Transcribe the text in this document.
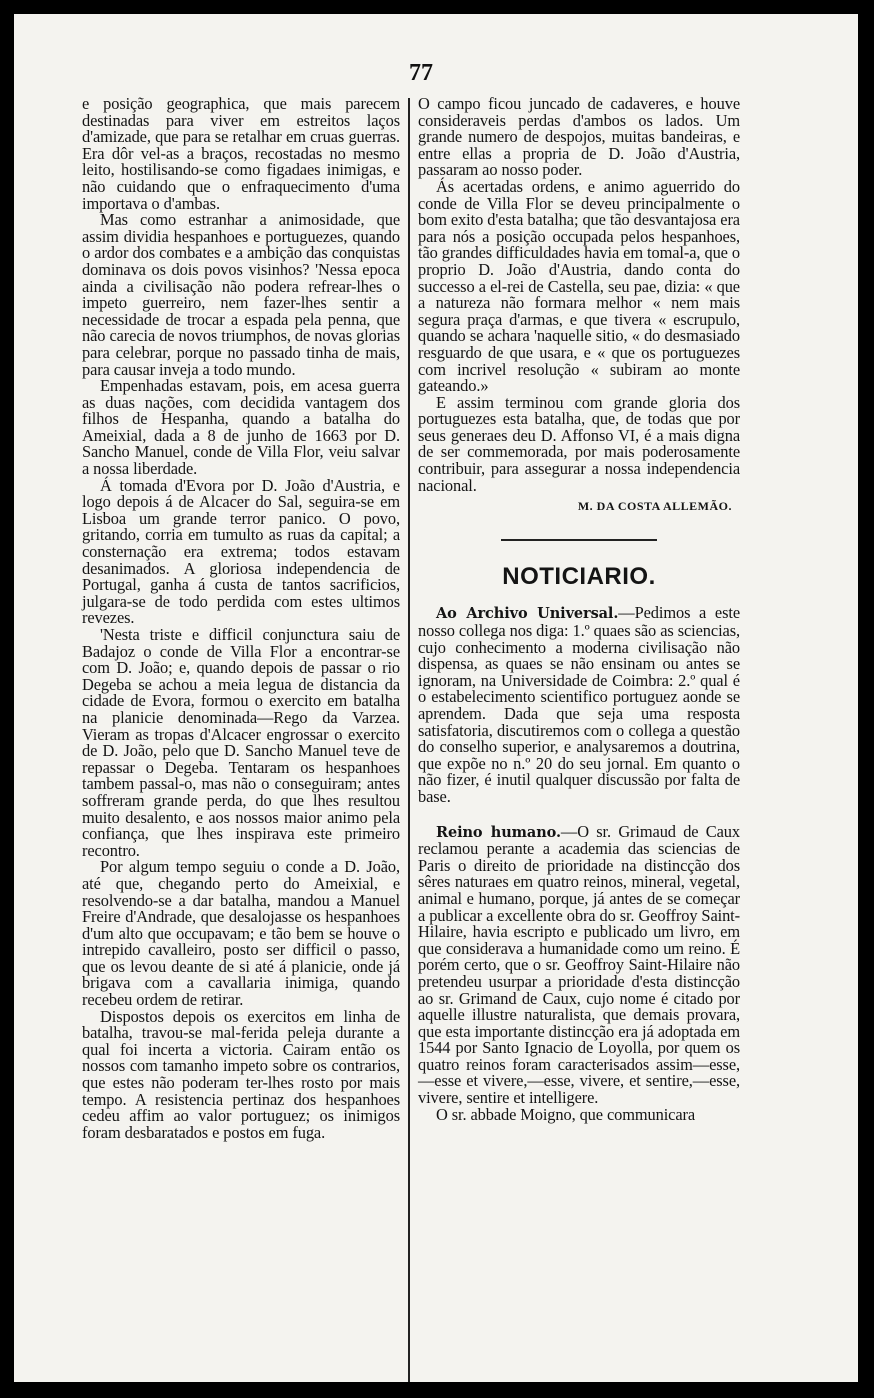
77

e posição geographica, que mais parecem destinadas para viver em estreitos laços d'amizade, que para se retalhar em cruas guerras. Era dôr vel-as a braços, recostadas no mesmo leito, hostilisando-se como figadaes inimigas, e não cuidando que o enfraquecimento d'uma importava o d'ambas.

Mas como estranhar a animosidade, que assim dividia hespanhoes e portuguezes, quando o ardor dos combates e a ambição das conquistas dominava os dois povos visinhos? 'Nessa epoca ainda a civilisação não podera refrear-lhes o impeto guerreiro, nem fazer-lhes sentir a necessidade de trocar a espada pela penna, que não carecia de novos triumphos, de novas glorias para celebrar, porque no passado tinha de mais, para causar inveja a todo mundo.

Empenhadas estavam, pois, em acesa guerra as duas nações, com decidida vantagem dos filhos de Hespanha, quando a batalha do Ameixial, dada a 8 de junho de 1663 por D. Sancho Manuel, conde de Villa Flor, veiu salvar a nossa liberdade.

Á tomada d'Evora por D. João d'Austria, e logo depois á de Alcacer do Sal, seguira-se em Lisboa um grande terror panico. O povo, gritando, corria em tumulto as ruas da capital; a consternação era extrema; todos estavam desanimados. A gloriosa independencia de Portugal, ganha á custa de tantos sacrificios, julgara-se de todo perdida com estes ultimos revezes.

'Nesta triste e difficil conjunctura saiu de Badajoz o conde de Villa Flor a encontrar-se com D. João; e, quando depois de passar o rio Degeba se achou a meia legua de distancia da cidade de Evora, formou o exercito em batalha na planicie denominada—Rego da Varzea. Vieram as tropas d'Alcacer engrossar o exercito de D. João, pelo que D. Sancho Manuel teve de repassar o Degeba. Tentaram os hespanhoes tambem passal-o, mas não o conseguiram; antes soffreram grande perda, do que lhes resultou muito desalento, e aos nossos maior animo pela confiança, que lhes inspirava este primeiro recontro.

Por algum tempo seguiu o conde a D. João, até que, chegando perto do Ameixial, e resolvendo-se a dar batalha, mandou a Manuel Freire d'Andrade, que desalojasse os hespanhoes d'um alto que occupavam; e tão bem se houve o intrepido cavalleiro, posto ser difficil o passo, que os levou deante de si até á planicie, onde já brigava com a cavallaria inimiga, quando recebeu ordem de retirar.

Dispostos depois os exercitos em linha de batalha, travou-se mal-ferida peleja durante a qual foi incerta a victoria. Cairam então os nossos com tamanho impeto sobre os contrarios, que estes não poderam ter-lhes rosto por mais tempo. A resistencia pertinaz dos hespanhoes cedeu affim ao valor portuguez; os inimigos foram desbaratados e postos em fuga.

O campo ficou juncado de cadaveres, e houve consideraveis perdas d'ambos os lados. Um grande numero de despojos, muitas bandeiras, e entre ellas a propria de D. João d'Austria, passaram ao nosso poder.

Ás acertadas ordens, e animo aguerrido do conde de Villa Flor se deveu principalmente o bom exito d'esta batalha; que tão desvantajosa era para nós a posição occupada pelos hespanhoes, tão grandes difficuldades havia em tomal-a, que o proprio D. João d'Austria, dando conta do successo a el-rei de Castella, seu pae, dizia: « que a natureza não formara melhor « nem mais segura praça d'armas, e que tivera « escrupulo, quando se achara 'naquelle sitio, « do desmasiado resguardo de que usara, e « que os portuguezes com incrivel resolução « subiram ao monte gateando.»

E assim terminou com grande gloria dos portuguezes esta batalha, que, de todas que por seus generaes deu D. Affonso VI, é a mais digna de ser commemorada, por mais poderosamente contribuir, para assegurar a nossa independencia nacional.

M. DA COSTA ALLEMÃO.
NOTICIARIO.

Ao Archivo Universal.—Pedimos a este nosso collega nos diga: 1.º quaes são as sciencias, cujo conhecimento a moderna civilisação não dispensa, as quaes se não ensinam ou antes se ignoram, na Universidade de Coimbra: 2.º qual é o estabelecimento scientifico portuguez aonde se aprendem. Dada que seja uma resposta satisfatoria, discutiremos com o collega a questão do conselho superior, e analysaremos a doutrina, que expõe no n.º 20 do seu jornal. Em quanto o não fizer, é inutil qualquer discussão por falta de base.

Reino humano.—O sr. Grimaud de Caux reclamou perante a academia das sciencias de Paris o direito de prioridade na distincção dos sêres naturaes em quatro reinos, mineral, vegetal, animal e humano, porque, já antes de se começar a publicar a excellente obra do sr. Geoffroy Saint-Hilaire, havia escripto e publicado um livro, em que considerava a humanidade como um reino. É porém certo, que o sr. Geoffroy Saint-Hilaire não pretendeu usurpar a prioridade d'esta distincção ao sr. Grimand de Caux, cujo nome é citado por aquelle illustre naturalista, que demais provara, que esta importante distincção era já adoptada em 1544 por Santo Ignacio de Loyolla, por quem os quatro reinos foram caracterisados assim—esse,—esse et vivere,—esse, vivere, et sentire,—esse, vivere, sentire et intelligere.

O sr. abbade Moigno, que communicara
